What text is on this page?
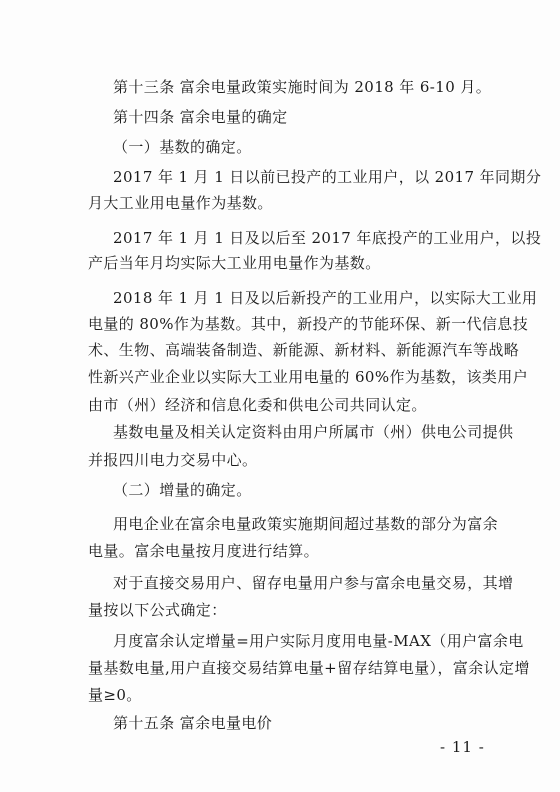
第十三条 富余电量政策实施时间为 2018 年 6-10 月。
第十四条 富余电量的确定
（一）基数的确定。
2017 年 1 月 1 日以前已投产的工业用户，以 2017 年同期分
月大工业用电量作为基数。
2017 年 1 月 1 日及以后至 2017 年底投产的工业用户，以投
产后当年月均实际大工业用电量作为基数。
2018 年 1 月 1 日及以后新投产的工业用户，以实际大工业用
电量的 80%作为基数。其中，新投产的节能环保、新一代信息技
术、生物、高端装备制造、新能源、新材料、新能源汽车等战略
性新兴产业企业以实际大工业用电量的 60%作为基数，该类用户
由市（州）经济和信息化委和供电公司共同认定。
基数电量及相关认定资料由用户所属市（州）供电公司提供
并报四川电力交易中心。
（二）增量的确定。
用电企业在富余电量政策实施期间超过基数的部分为富余
电量。富余电量按月度进行结算。
对于直接交易用户、留存电量用户参与富余电量交易，其增
量按以下公式确定：
月度富余认定增量=用户实际月度用电量-MAX（用户富余电
量基数电量,用户直接交易结算电量+留存结算电量），富余认定增
量≥0。
第十五条 富余电量电价
- 11 -
